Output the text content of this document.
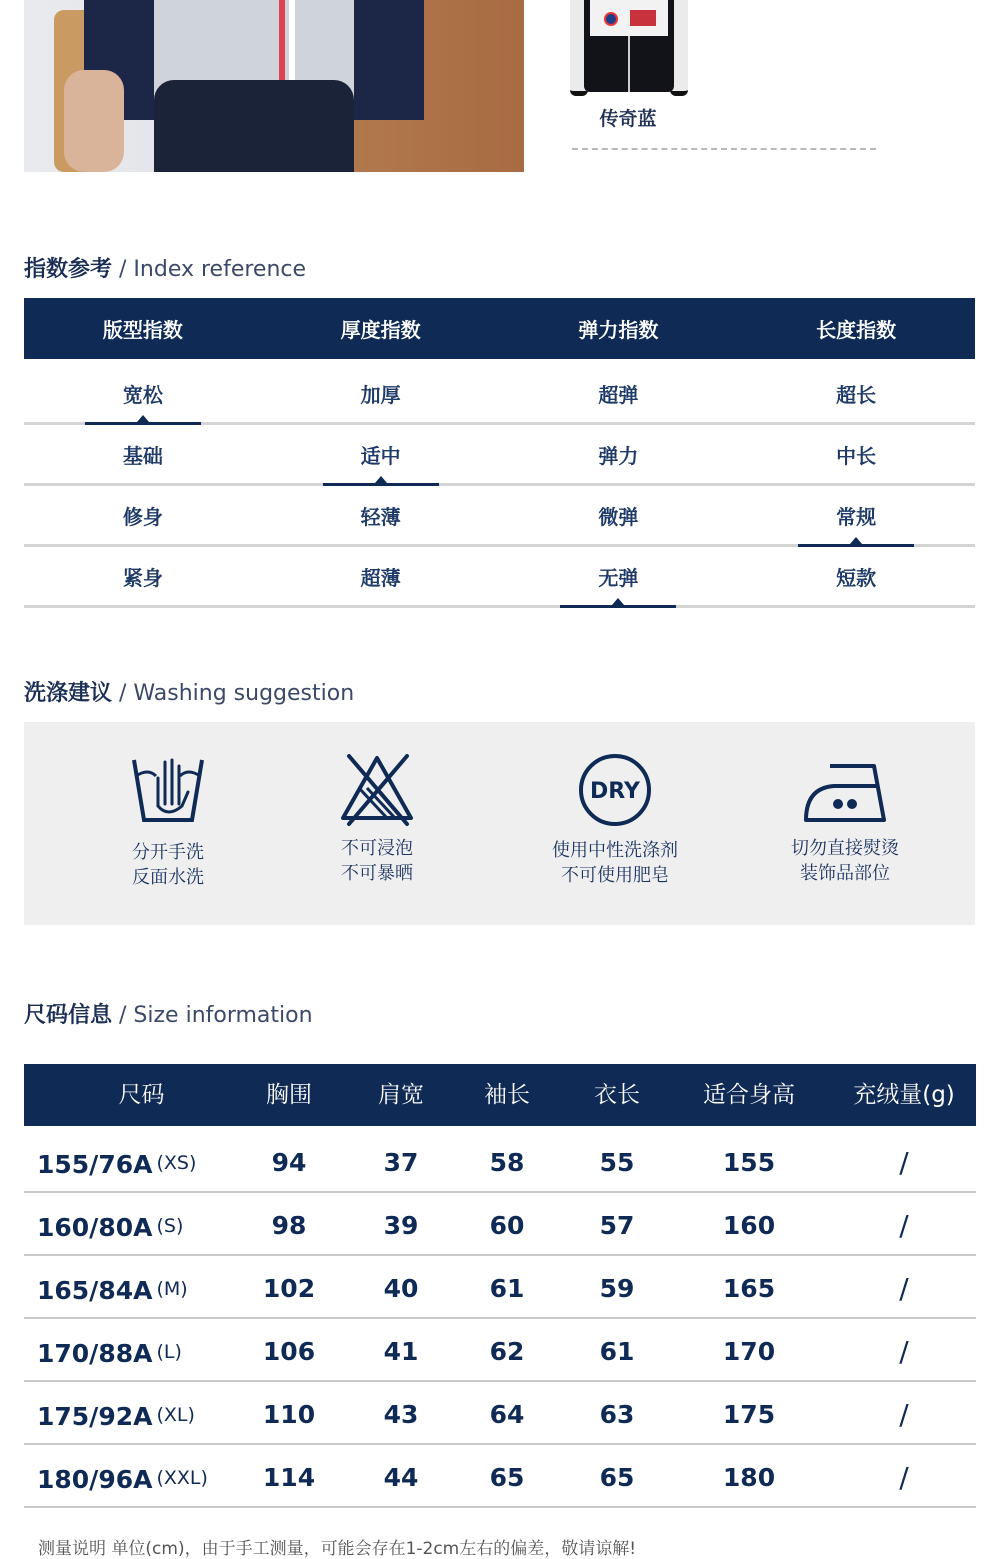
传奇蓝
指数参考 / Index reference
版型指数	厚度指数	弹力指数	长度指数
宽松	加厚	超弹	超长
基础	适中	弹力	中长
修身	轻薄	微弹	常规
紧身	超薄	无弹	短款
洗涤建议 / Washing suggestion
分开手洗
反面水洗
不可浸泡
不可暴晒
DRY
使用中性洗涤剂
不可使用肥皂
切勿直接熨烫
装饰品部位
尺码信息 / Size information
尺码	胸围	肩宽	袖长	衣长	适合身高	充绒量(g)
155/76A (XS)	94	37	58	55	155	/
160/80A (S)	98	39	60	57	160	/
165/84A (M)	102	40	61	59	165	/
170/88A (L)	106	41	62	61	170	/
175/92A (XL)	110	43	64	63	175	/
180/96A (XXL)	114	44	65	65	180	/
测量说明 单位(cm)，由于手工测量，可能会存在1-2cm左右的偏差，敬请谅解!
